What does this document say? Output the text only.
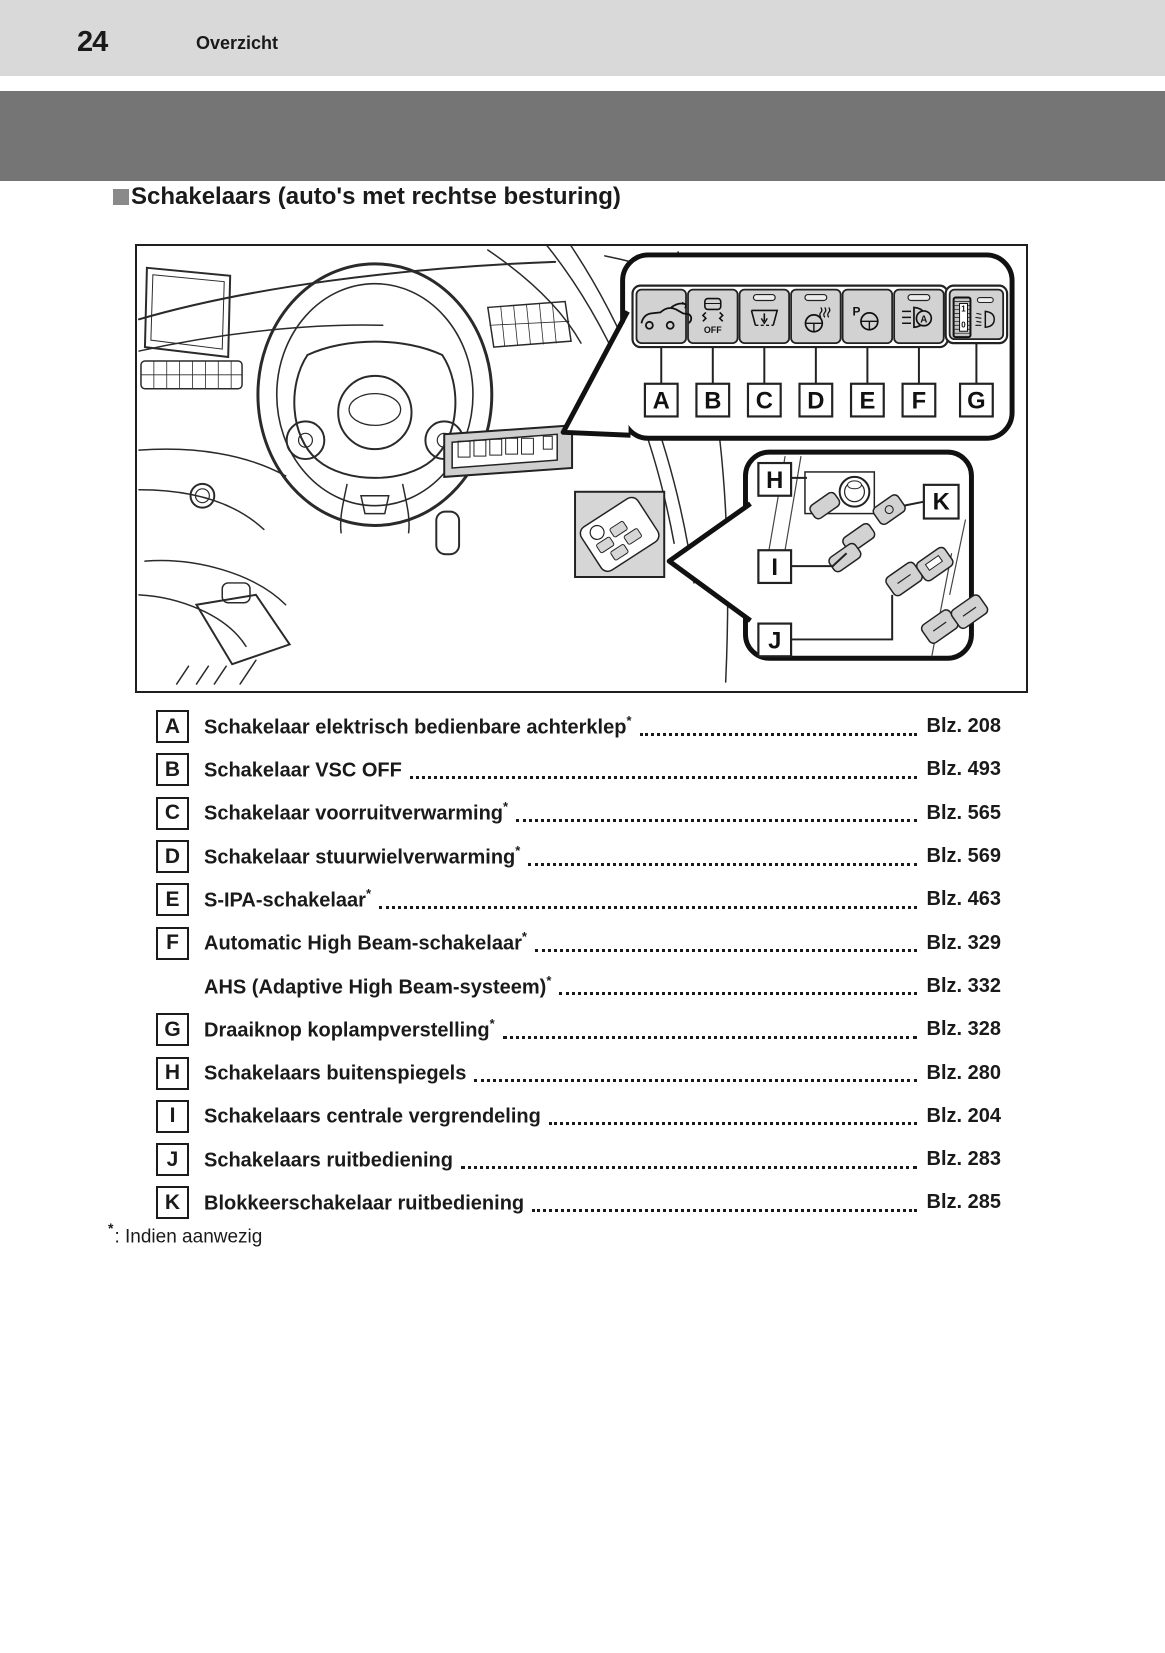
24	Overzicht
Schakelaars (auto's met rechtse besturing)
OFF
P
A
1
0
A B C D E F G
H
I
J
K
A	Schakelaar elektrisch bedienbare achterklep*	Blz. 208
B	Schakelaar VSC OFF	Blz. 493
C	Schakelaar voorruitverwarming*	Blz. 565
D	Schakelaar stuurwielverwarming*	Blz. 569
E	S-IPA-schakelaar*	Blz. 463
F	Automatic High Beam-schakelaar*	Blz. 329
AHS (Adaptive High Beam-systeem)*	Blz. 332
G	Draaiknop koplampverstelling*	Blz. 328
H	Schakelaars buitenspiegels	Blz. 280
I	Schakelaars centrale vergrendeling	Blz. 204
J	Schakelaars ruitbediening	Blz. 283
K	Blokkeerschakelaar ruitbediening	Blz. 285
*: Indien aanwezig
